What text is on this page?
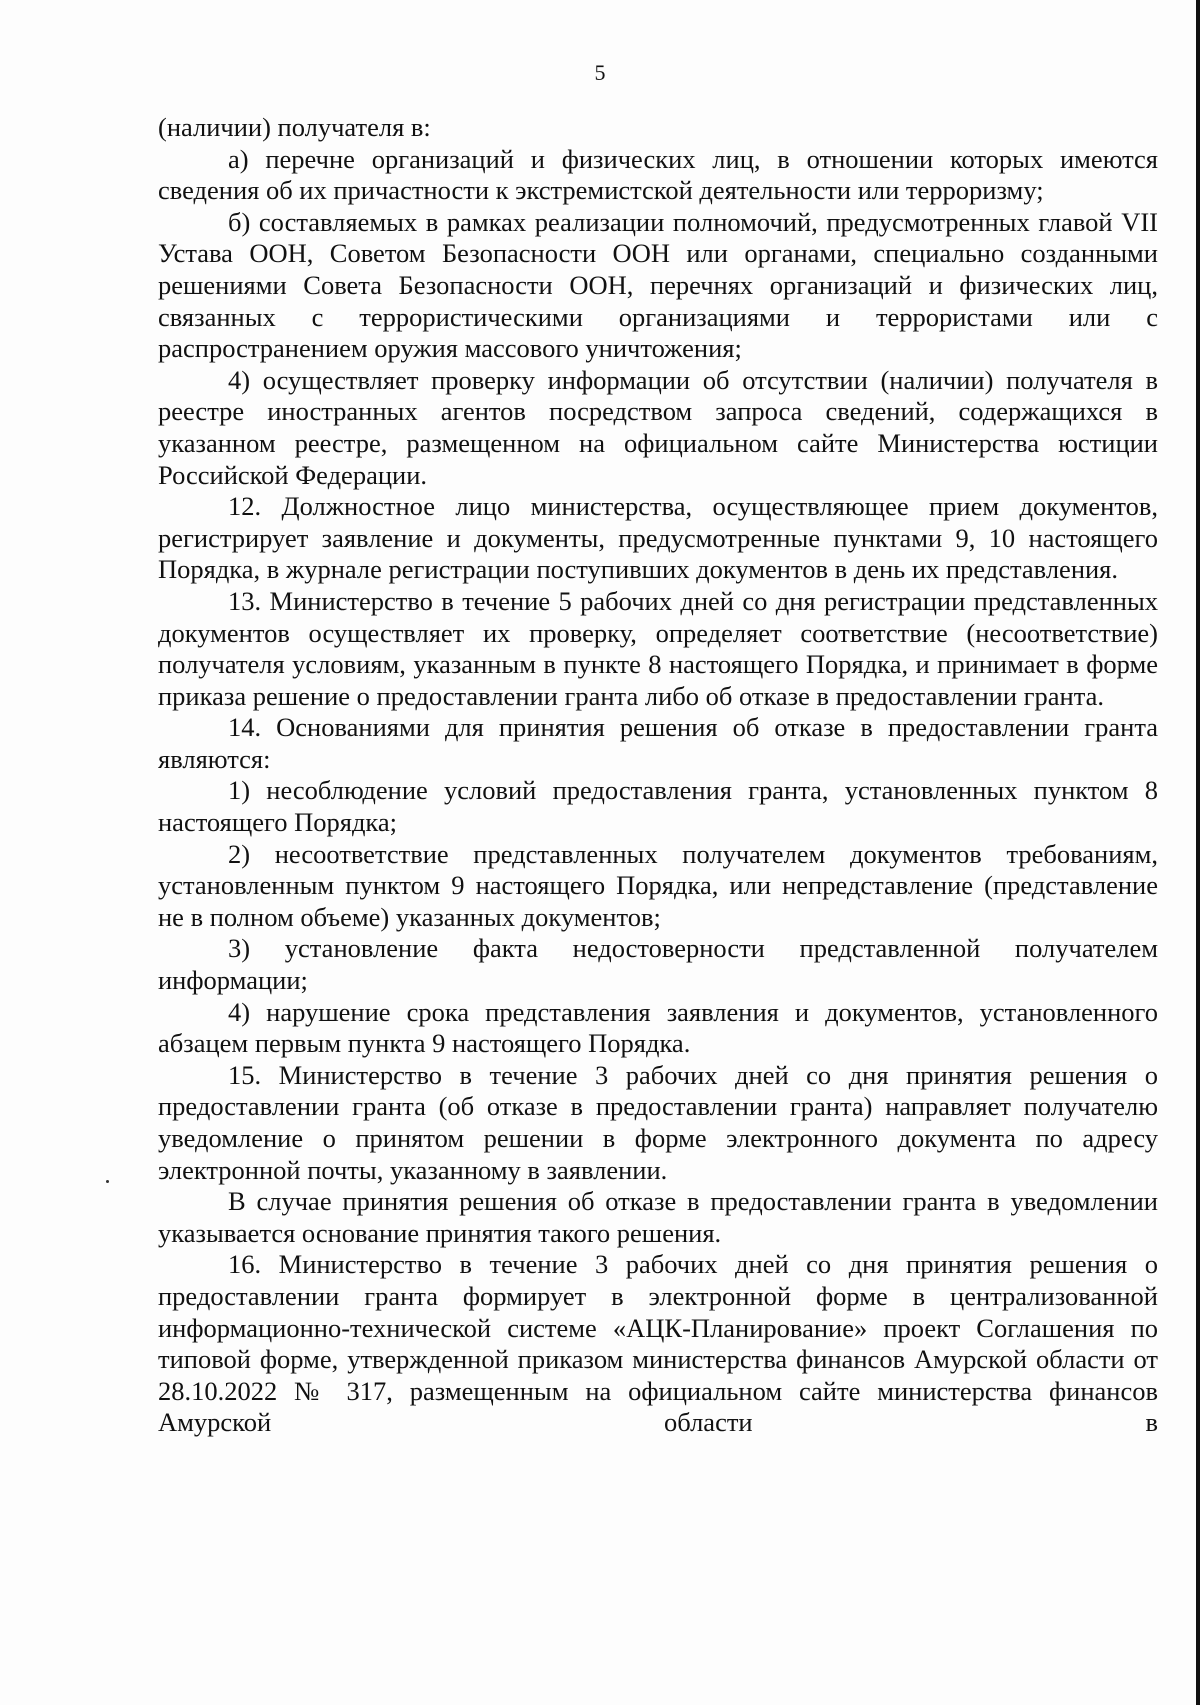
5

(наличии) получателя в:

а) перечне организаций и физических лиц, в отношении которых имеются сведения об их причастности к экстремистской деятельности или терроризму;

б) составляемых в рамках реализации полномочий, предусмотренных главой VII Устава ООН, Советом Безопасности ООН или органами, специально созданными решениями Совета Безопасности ООН, перечнях организаций и физических лиц, связанных с террористическими организациями и террористами или с распространением оружия массового уничтожения;

4) осуществляет проверку информации об отсутствии (наличии) получателя в реестре иностранных агентов посредством запроса сведений, содержащихся в указанном реестре, размещенном на официальном сайте Министерства юстиции Российской Федерации.

12. Должностное лицо министерства, осуществляющее прием документов, регистрирует заявление и документы, предусмотренные пунктами 9, 10 настоящего Порядка, в журнале регистрации поступивших документов в день их представления.

13. Министерство в течение 5 рабочих дней со дня регистрации представленных документов осуществляет их проверку, определяет соответствие (несоответствие) получателя условиям, указанным в пункте 8 настоящего Порядка, и принимает в форме приказа решение о предоставлении гранта либо об отказе в предоставлении гранта.

14. Основаниями для принятия решения об отказе в предоставлении гранта являются:

1) несоблюдение условий предоставления гранта, установленных пунктом 8 настоящего Порядка;

2) несоответствие представленных получателем документов требованиям, установленным пунктом 9 настоящего Порядка, или непредставление (представление не в полном объеме) указанных документов;

3) установление факта недостоверности представленной получателем информации;

4) нарушение срока представления заявления и документов, установленного абзацем первым пункта 9 настоящего Порядка.

15. Министерство в течение 3 рабочих дней со дня принятия решения о предоставлении гранта (об отказе в предоставлении гранта) направляет получателю уведомление о принятом решении в форме электронного документа по адресу электронной почты, указанному в заявлении.

В случае принятия решения об отказе в предоставлении гранта в уведомлении указывается основание принятия такого решения.

16. Министерство в течение 3 рабочих дней со дня принятия решения о предоставлении гранта формирует в электронной форме в централизованной информационно-технической системе «АЦК-Планирование» проект Соглашения по типовой форме, утвержденной приказом министерства финансов Амурской области от 28.10.2022 № 317, размещенным на официальном сайте министерства финансов Амурской области в
